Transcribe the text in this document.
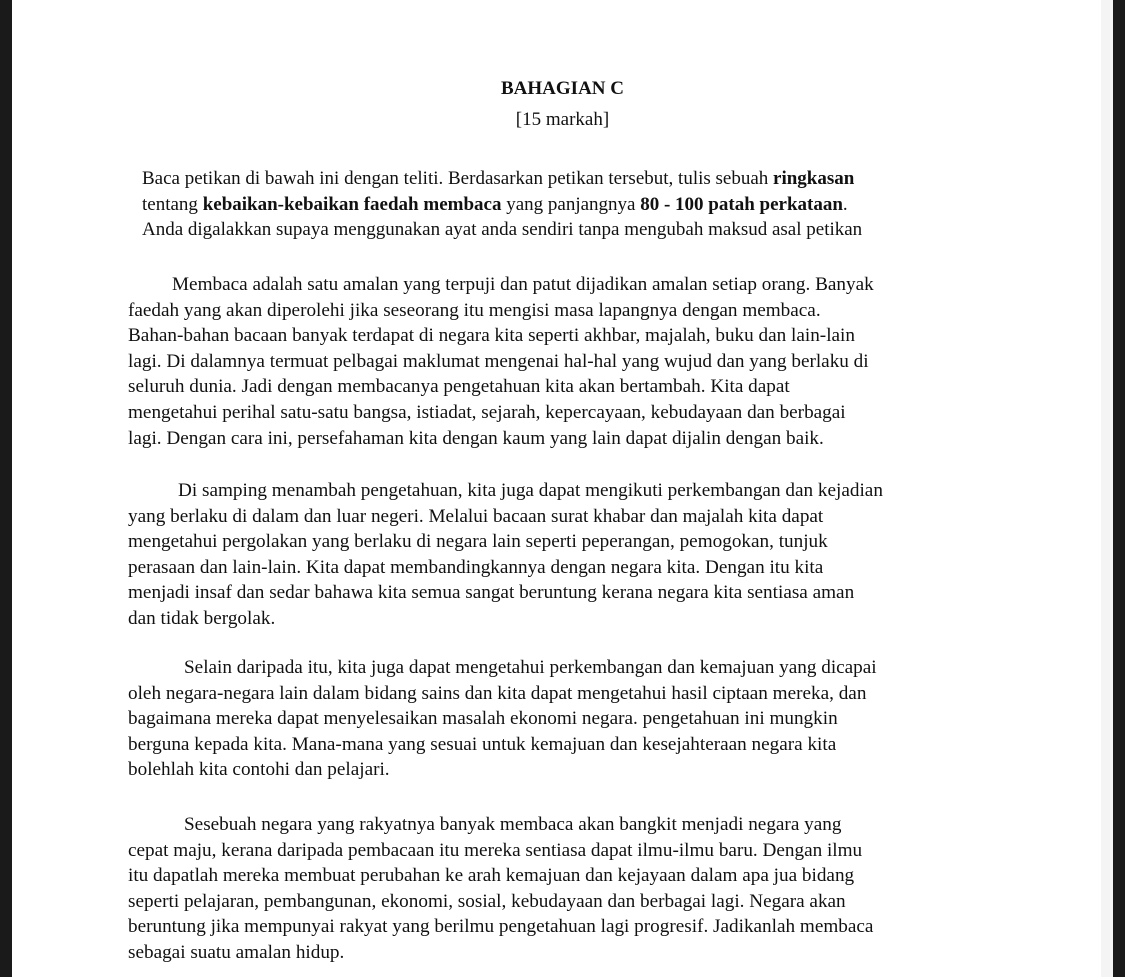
BAHAGIAN C
[15 markah]
Baca petikan di bawah ini dengan teliti. Berdasarkan petikan tersebut, tulis sebuah ringkasan
tentang kebaikan-kebaikan faedah membaca yang panjangnya 80 - 100 patah perkataan.
Anda digalakkan supaya menggunakan ayat anda sendiri tanpa mengubah maksud asal petikan
Membaca adalah satu amalan yang terpuji dan patut dijadikan amalan setiap orang. Banyak
faedah yang akan diperolehi jika seseorang itu mengisi masa lapangnya dengan membaca.
Bahan-bahan bacaan banyak terdapat di negara kita seperti akhbar, majalah, buku dan lain-lain
lagi. Di dalamnya termuat pelbagai maklumat mengenai hal-hal yang wujud dan yang berlaku di
seluruh dunia. Jadi dengan membacanya pengetahuan kita akan bertambah. Kita dapat
mengetahui perihal satu-satu bangsa, istiadat, sejarah, kepercayaan, kebudayaan dan berbagai
lagi. Dengan cara ini, persefahaman kita dengan kaum yang lain dapat dijalin dengan baik.
Di samping menambah pengetahuan, kita juga dapat mengikuti perkembangan dan kejadian
yang berlaku di dalam dan luar negeri. Melalui bacaan surat khabar dan majalah kita dapat
mengetahui pergolakan yang berlaku di negara lain seperti peperangan, pemogokan, tunjuk
perasaan dan lain-lain. Kita dapat membandingkannya dengan negara kita. Dengan itu kita
menjadi insaf dan sedar bahawa kita semua sangat beruntung kerana negara kita sentiasa aman
dan tidak bergolak.
Selain daripada itu, kita juga dapat mengetahui perkembangan dan kemajuan yang dicapai
oleh negara-negara lain dalam bidang sains dan kita dapat mengetahui hasil ciptaan mereka, dan
bagaimana mereka dapat menyelesaikan masalah ekonomi negara. pengetahuan ini mungkin
berguna kepada kita. Mana-mana yang sesuai untuk kemajuan dan kesejahteraan negara kita
bolehlah kita contohi dan pelajari.
Sesebuah negara yang rakyatnya banyak membaca akan bangkit menjadi negara yang
cepat maju, kerana daripada pembacaan itu mereka sentiasa dapat ilmu-ilmu baru. Dengan ilmu
itu dapatlah mereka membuat perubahan ke arah kemajuan dan kejayaan dalam apa jua bidang
seperti pelajaran, pembangunan, ekonomi, sosial, kebudayaan dan berbagai lagi. Negara akan
beruntung jika mempunyai rakyat yang berilmu pengetahuan lagi progresif. Jadikanlah membaca
sebagai suatu amalan hidup.
